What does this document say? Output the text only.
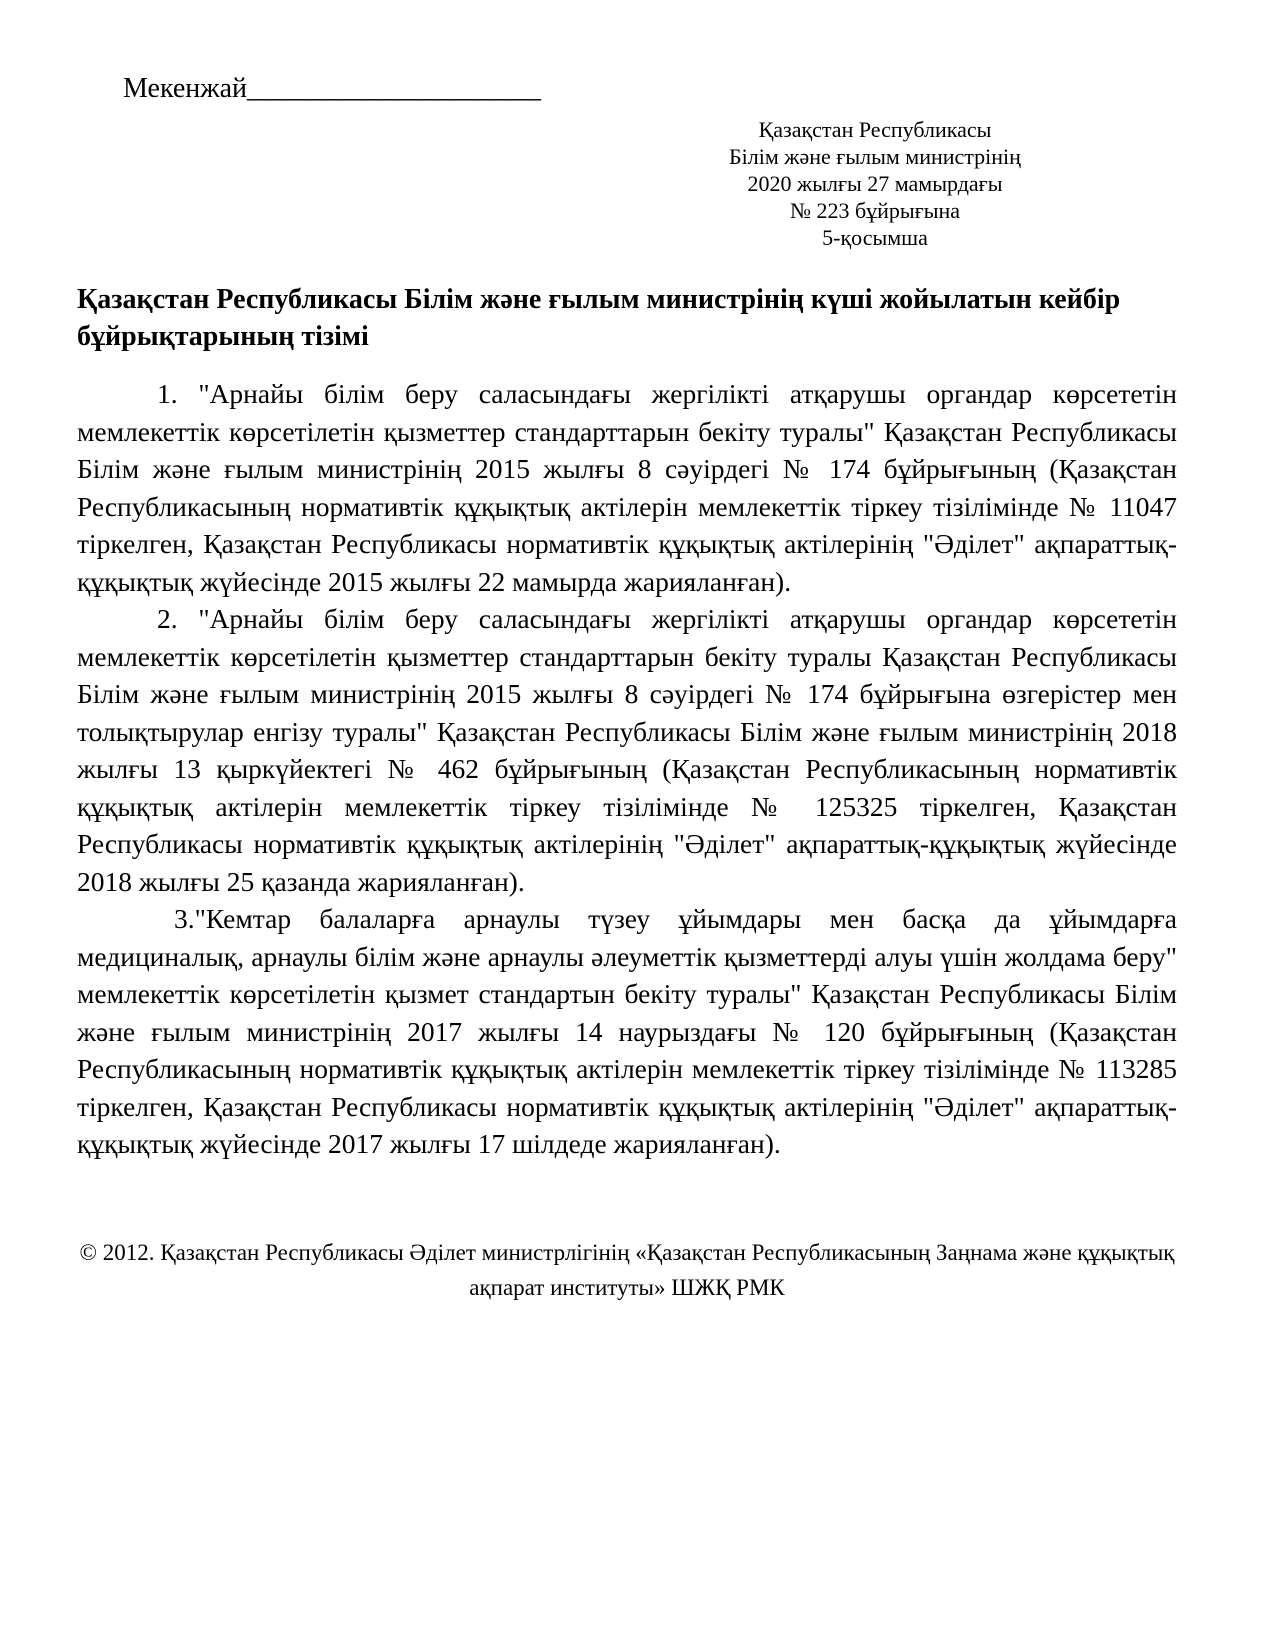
Мекенжай_____________________
Қазақстан Республикасы
Білім және ғылым министрінің
2020 жылғы 27 мамырдағы
№ 223 бұйрығына
5-қосымша
Қазақстан Республикасы Білім және ғылым министрінің күші жойылатын кейбір бұйрықтарының тізімі

1. "Арнайы білім беру саласындағы жергілікті атқарушы органдар көрсететін мемлекеттік көрсетілетін қызметтер стандарттарын бекіту туралы" Қазақстан Республикасы Білім және ғылым министрінің 2015 жылғы 8 сәуірдегі № 174 бұйрығының (Қазақстан Республикасының нормативтік құқықтық актілерін мемлекеттік тіркеу тізілімінде № 11047 тіркелген, Қазақстан Республикасы нормативтік құқықтық актілерінің "Әділет" ақпараттық-құқықтық жүйесінде 2015 жылғы 22 мамырда жарияланған).

2. "Арнайы білім беру саласындағы жергілікті атқарушы органдар көрсететін мемлекеттік көрсетілетін қызметтер стандарттарын бекіту туралы Қазақстан Республикасы Білім және ғылым министрінің 2015 жылғы 8 сәуірдегі № 174 бұйрығына өзгерістер мен толықтырулар енгізу туралы" Қазақстан Республикасы Білім және ғылым министрінің 2018 жылғы 13 қыркүйектегі № 462 бұйрығының (Қазақстан Республикасының нормативтік құқықтық актілерін мемлекеттік тіркеу тізілімінде № 125325 тіркелген, Қазақстан Республикасы нормативтік құқықтық актілерінің "Әділет" ақпараттық-құқықтық жүйесінде 2018 жылғы 25 қазанда жарияланған).

3."Кемтар балаларға арнаулы түзеу ұйымдары мен басқа да ұйымдарға медициналық, арнаулы білім және арнаулы әлеуметтік қызметтерді алуы үшін жолдама беру" мемлекеттік көрсетілетін қызмет стандартын бекіту туралы" Қазақстан Республикасы Білім және ғылым министрінің 2017 жылғы 14 наурыздағы № 120 бұйрығының (Қазақстан Республикасының нормативтік құқықтық актілерін мемлекеттік тіркеу тізілімінде № 113285 тіркелген, Қазақстан Республикасы нормативтік құқықтық актілерінің "Әділет" ақпараттық-құқықтық жүйесінде 2017 жылғы 17 шілдеде жарияланған).

© 2012. Қазақстан Республикасы Әділет министрлігінің «Қазақстан Республикасының Заңнама және құқықтық ақпарат институты» ШЖҚ РМК
